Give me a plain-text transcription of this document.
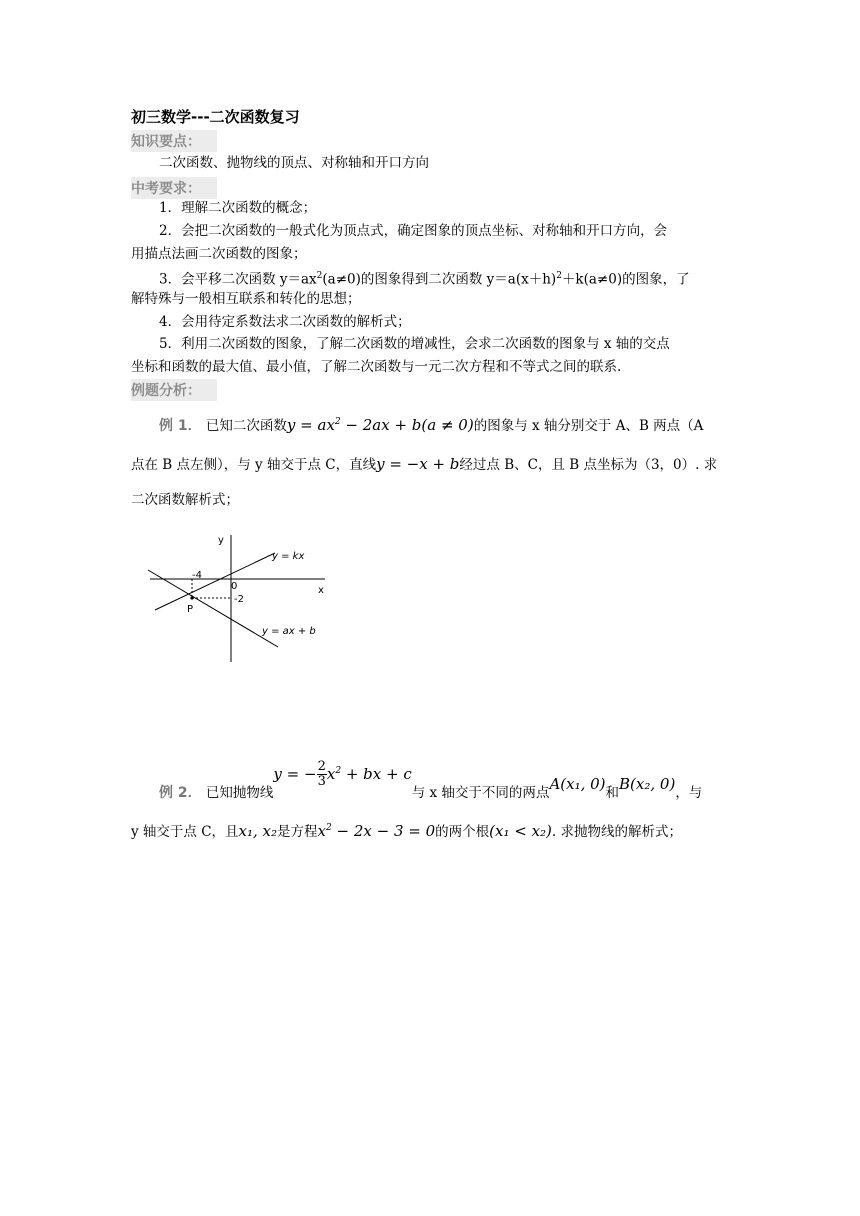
初三数学---二次函数复习
知识要点：
二次函数、抛物线的顶点、对称轴和开口方向
中考要求：
1．理解二次函数的概念；
2．会把二次函数的一般式化为顶点式，确定图象的顶点坐标、对称轴和开口方向，会
用描点法画二次函数的图象；
3．会平移二次函数 $y=ax^2(a\ne 0)$的图象得到二次函数 $y=a(x+h)^2+k(a\ne 0)$的图象，了
解特殊与一般相互联系和转化的思想；
4．会用待定系数法求二次函数的解析式；
5．利用二次函数的图象，了解二次函数的增减性，会求二次函数的图象与 x 轴的交点
坐标和函数的最大值、最小值，了解二次函数与一元二次方程和不等式之间的联系.
例题分析：
例 1． 已知二次函数$y = ax^2 - 2ax + b(a \ne 0)$的图象与 x 轴分别交于 A、B 两点（A
点在 B 点左侧），与 y 轴交于点 C，直线y = −x + b经过点 B、C，且 B 点坐标为（3，0）. 求
二次函数解析式；
y
x
0
-4
-2
P
y = kx
y = ax + b
例 2． 已知抛物线y = − $\frac{2}{3} x^2$ + bx + c与 x 轴交于不同的两点A(x₁, 0)和B(x₂, 0)，与
y 轴交于点 C，且x₁, x₂是方程$x^2 - 2x - 3 = 0$的两个根(x₁ < x₂). 求抛物线的解析式；
